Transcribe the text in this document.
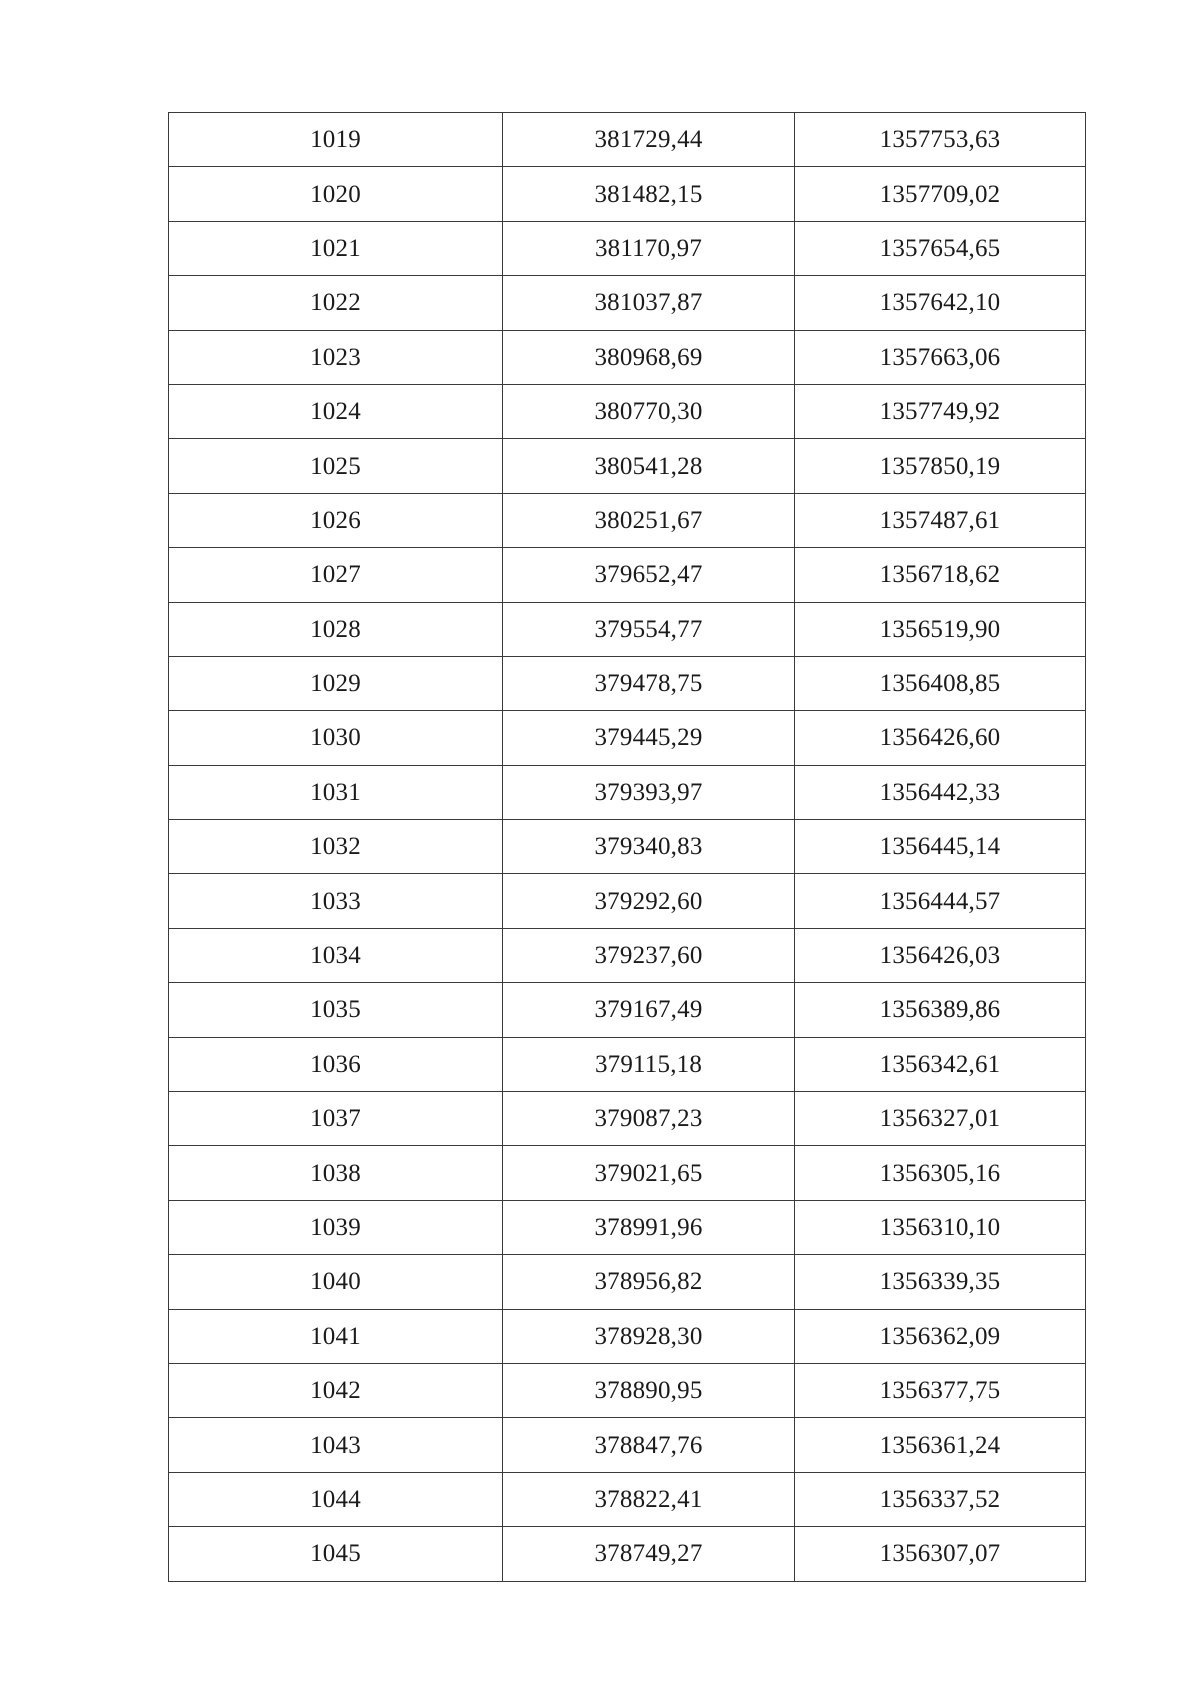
1019	381729,44	1357753,63
1020	381482,15	1357709,02
1021	381170,97	1357654,65
1022	381037,87	1357642,10
1023	380968,69	1357663,06
1024	380770,30	1357749,92
1025	380541,28	1357850,19
1026	380251,67	1357487,61
1027	379652,47	1356718,62
1028	379554,77	1356519,90
1029	379478,75	1356408,85
1030	379445,29	1356426,60
1031	379393,97	1356442,33
1032	379340,83	1356445,14
1033	379292,60	1356444,57
1034	379237,60	1356426,03
1035	379167,49	1356389,86
1036	379115,18	1356342,61
1037	379087,23	1356327,01
1038	379021,65	1356305,16
1039	378991,96	1356310,10
1040	378956,82	1356339,35
1041	378928,30	1356362,09
1042	378890,95	1356377,75
1043	378847,76	1356361,24
1044	378822,41	1356337,52
1045	378749,27	1356307,07
